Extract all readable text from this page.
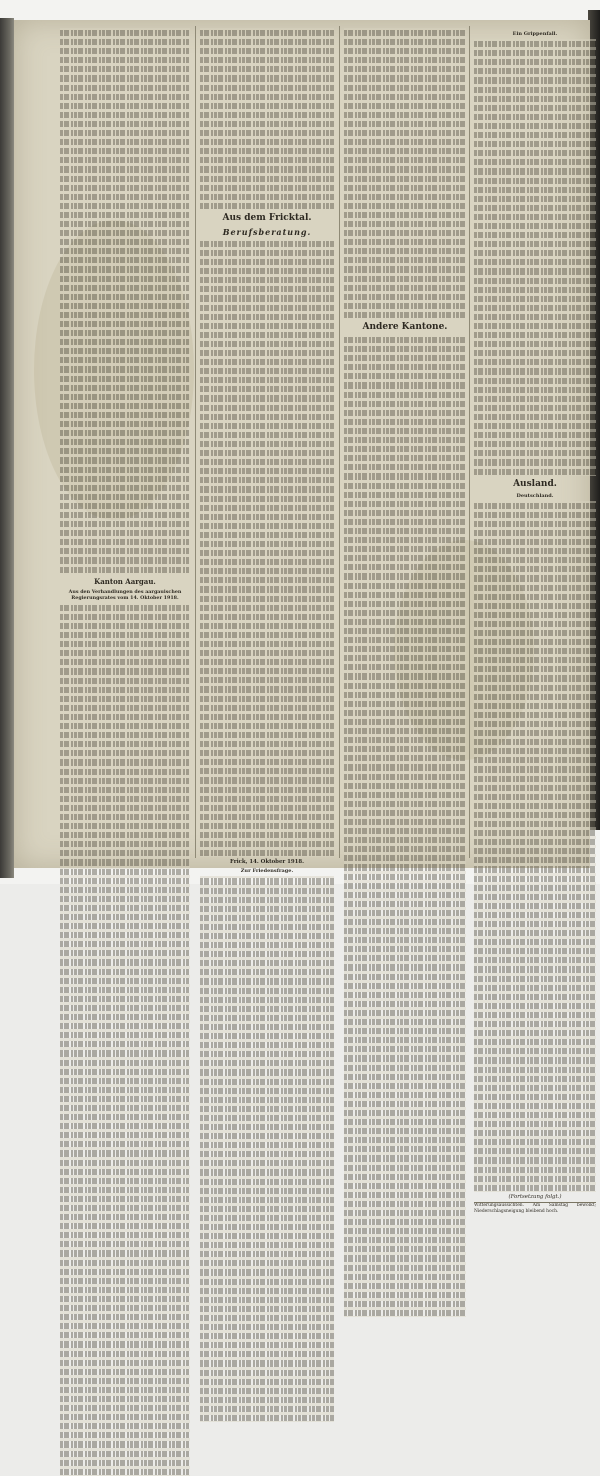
Kanton Aargau.

Aus den Verhandlungen des aargauischen Regierungsrates vom 14. Oktober 1918.

Aus dem Fricktal.

Berufsberatung.

Frick, 14. Oktober 1918.

Zur Friedensfrage.

Andere Kantone.

Ein Grippenfall.

Ausland.

Deutschland.

(Fortsetzung folgt.)

Witterungsaussichten. Am Samstag bewölkt; Niederschlagsneigung bleibend hoch.
